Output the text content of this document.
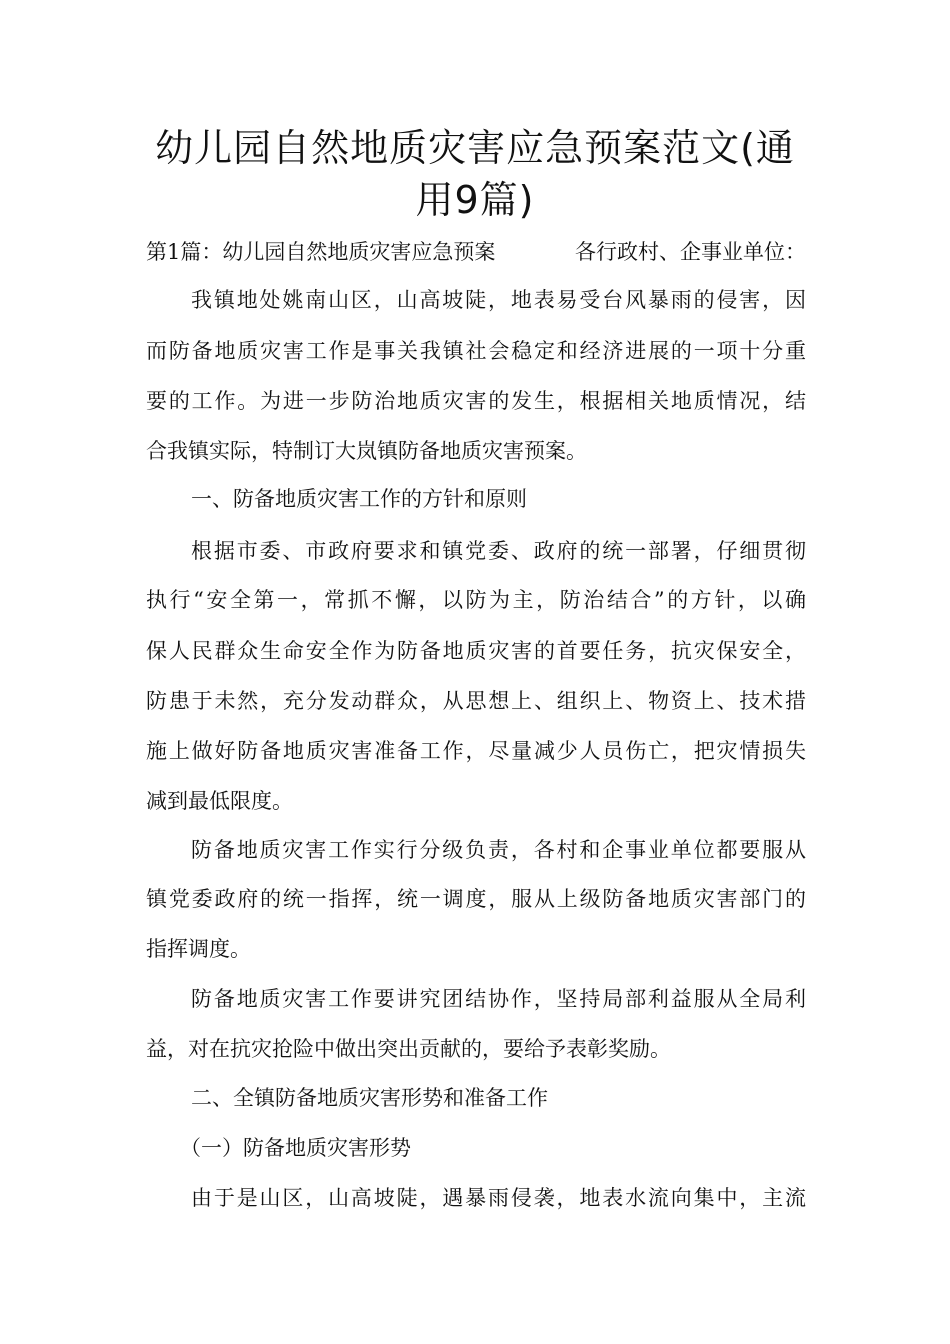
幼儿园自然地质灾害应急预案范文(通
用9篇)
第1篇：幼儿园自然地质灾害应急预案	各行政村、企事业单位：
我镇地处姚南山区，山高坡陡，地表易受台风暴雨的侵害，因
而防备地质灾害工作是事关我镇社会稳定和经济进展的一项十分重
要的工作。为进一步防治地质灾害的发生，根据相关地质情况，结
合我镇实际，特制订大岚镇防备地质灾害预案。
一、防备地质灾害工作的方针和原则
根据市委、市政府要求和镇党委、政府的统一部署，仔细贯彻
执行“安全第一，常抓不懈，以防为主，防治结合”的方针，以确
保人民群众生命安全作为防备地质灾害的首要任务，抗灾保安全，
防患于未然，充分发动群众，从思想上、组织上、物资上、技术措
施上做好防备地质灾害准备工作，尽量减少人员伤亡，把灾情损失
减到最低限度。
防备地质灾害工作实行分级负责，各村和企事业单位都要服从
镇党委政府的统一指挥，统一调度，服从上级防备地质灾害部门的
指挥调度。
防备地质灾害工作要讲究团结协作，坚持局部利益服从全局利
益，对在抗灾抢险中做出突出贡献的，要给予表彰奖励。
二、全镇防备地质灾害形势和准备工作
（一）防备地质灾害形势
由于是山区，山高坡陡，遇暴雨侵袭，地表水流向集中，主流
